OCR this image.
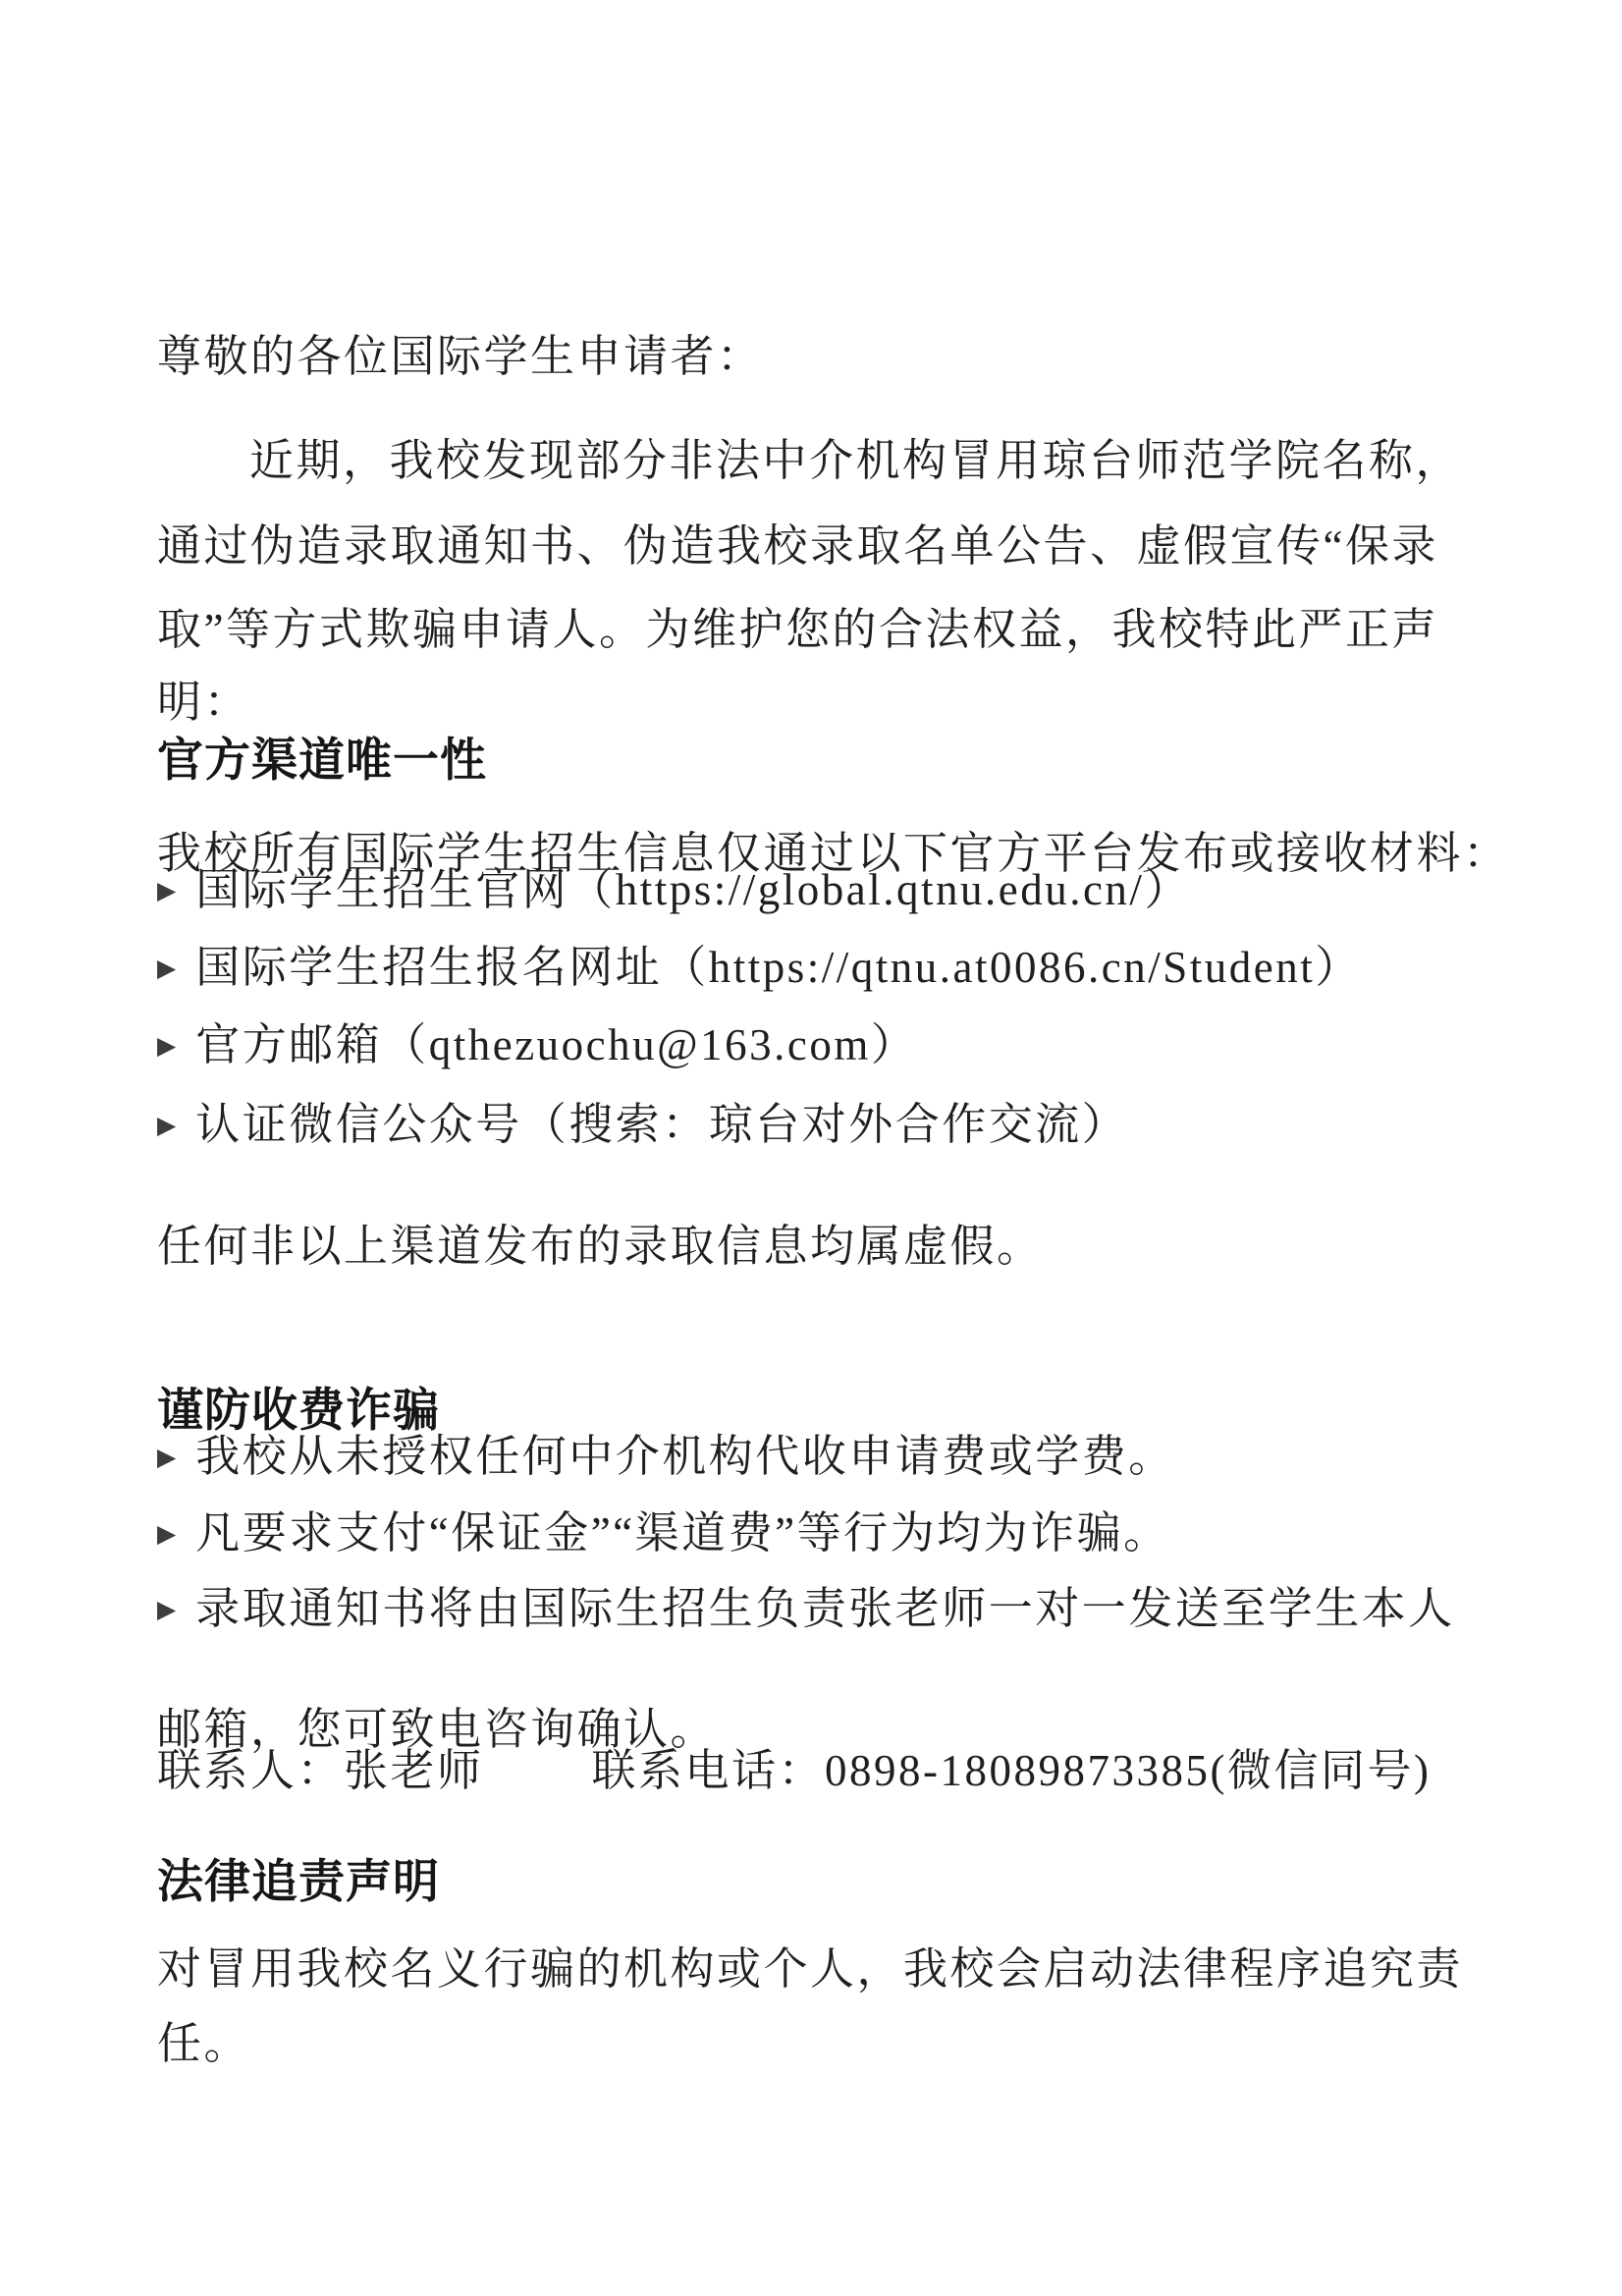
尊敬的各位国际学生申请者：

近期，我校发现部分非法中介机构冒用琼台师范学院名称，

通过伪造录取通知书、伪造我校录取名单公告、虚假宣传“保录

取”等方式欺骗申请人。为维护您的合法权益，我校特此严正声

明：

官方渠道唯一性

我校所有国际学生招生信息仅通过以下官方平台发布或接收材料：

▶ 国际学生招生官网（https://global.qtnu.edu.cn/）
▶ 国际学生招生报名网址（https://qtnu.at0086.cn/Student）
▶ 官方邮箱（qthezuochu@163.com）
▶ 认证微信公众号（搜索：琼台对外合作交流）

任何非以上渠道发布的录取信息均属虚假。

谨防收费诈骗
▶ 我校从未授权任何中介机构代收申请费或学费。
▶ 凡要求支付“保证金”“渠道费”等行为均为诈骗。
▶ 录取通知书将由国际生招生负责张老师一对一发送至学生本人

邮箱，您可致电咨询确认。

联系人：张老师 联系电话：0898-18089873385(微信同号)
法律追责声明

对冒用我校名义行骗的机构或个人，我校会启动法律程序追究责

任。
